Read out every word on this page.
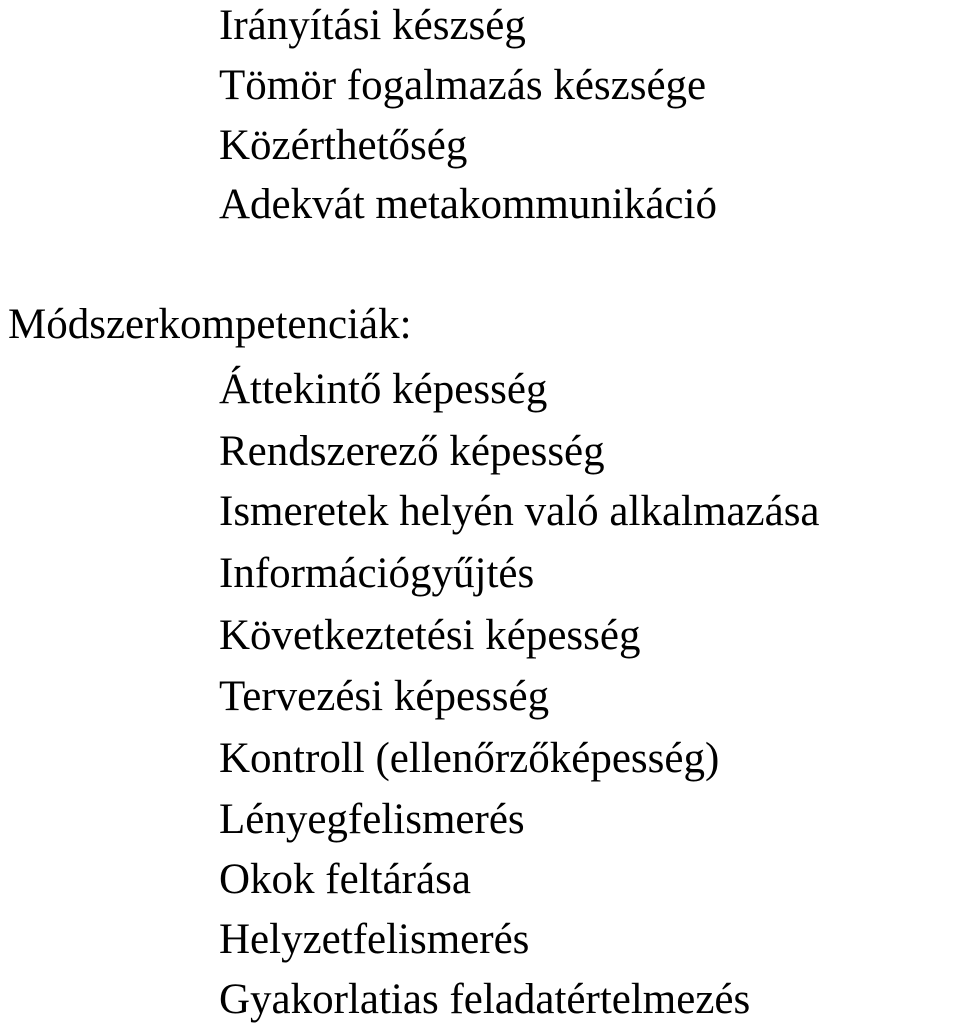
Irányítási készség
Tömör fogalmazás készsége
Közérthetőség
Adekvát metakommunikáció
Módszerkompetenciák:
Áttekintő képesség
Rendszerező képesség
Ismeretek helyén való alkalmazása
Információgyűjtés
Következtetési képesség
Tervezési képesség
Kontroll (ellenőrzőképesség)
Lényegfelismerés
Okok feltárása
Helyzetfelismerés
Gyakorlatias feladatértelmezés
